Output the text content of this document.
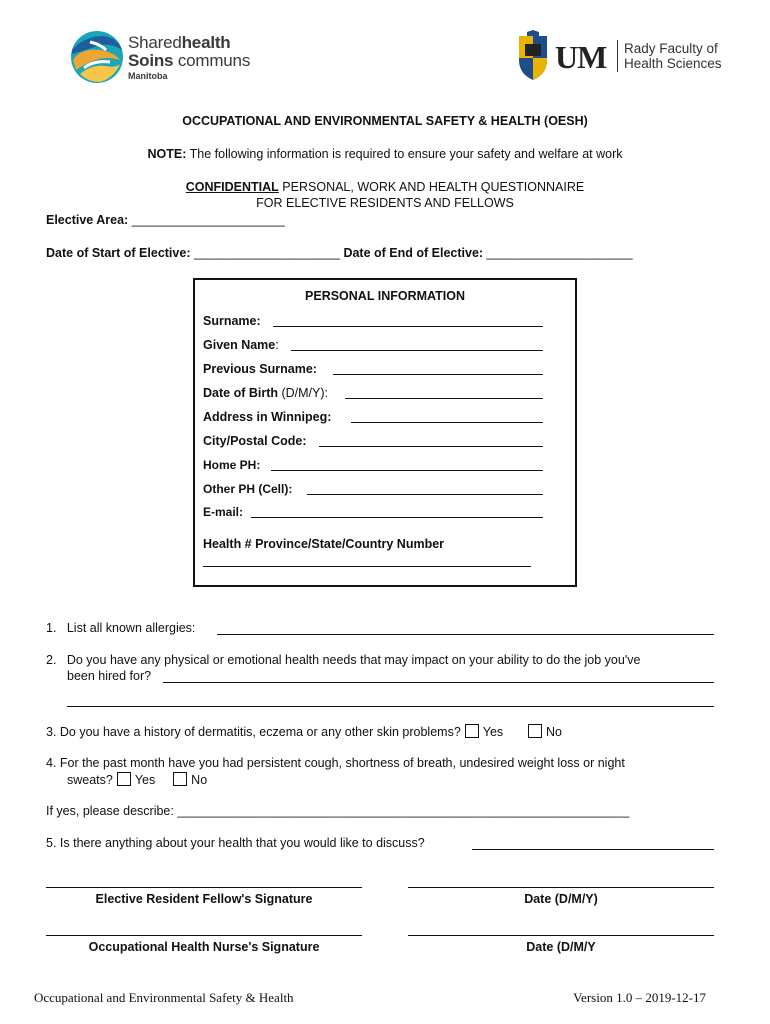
Sharedhealth
Soins communs
Manitoba
UM Rady Faculty of
Health Sciences
OCCUPATIONAL AND ENVIRONMENTAL SAFETY & HEALTH (OESH)
NOTE: The following information is required to ensure your safety and welfare at work
CONFIDENTIAL PERSONAL, WORK AND HEALTH QUESTIONNAIRE
FOR ELECTIVE RESIDENTS AND FELLOWS
Elective Area: ______________________
Date of Start of Elective: _____________________ Date of End of Elective: _____________________
PERSONAL INFORMATION
Surname:
Given Name:
Previous Surname:
Date of Birth (D/M/Y):
Address in Winnipeg:
City/Postal Code:
Home PH:
Other PH (Cell):
E-mail:
Health # Province/State/Country Number
1. List all known allergies:
2. Do you have any physical or emotional health needs that may impact on your ability to do the job you've
been hired for?
3. Do you have a history of dermatitis, eczema or any other skin problems? Yes	No
4. For the past month have you had persistent cough, shortness of breath, undesired weight loss or night
sweats? Yes	No
If yes, please describe: _________________________________________________________________
5. Is there anything about your health that you would like to discuss?
Elective Resident Fellow's Signature	Date (D/M/Y)
Occupational Health Nurse's Signature	Date (D/M/Y
Occupational and Environmental Safety & Health	Version 1.0 – 2019-12-17
